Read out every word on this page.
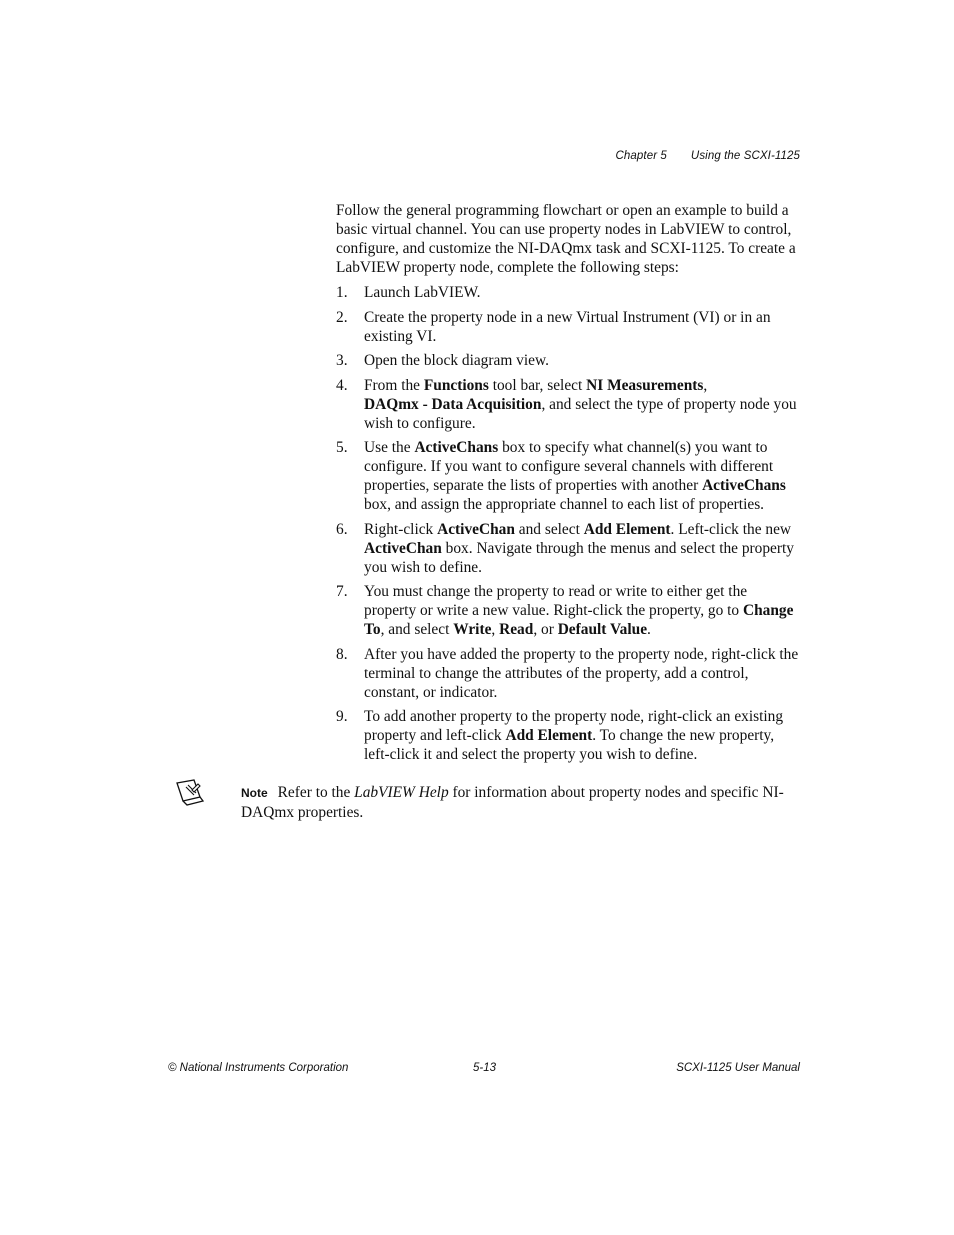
Chapter 5 Using the SCXI-1125

Follow the general programming flowchart or open an example to build a basic virtual channel. You can use property nodes in LabVIEW to control, configure, and customize the NI-DAQmx task and SCXI-1125. To create a LabVIEW property node, complete the following steps:

1. Launch LabVIEW.
2. Create the property node in a new Virtual Instrument (VI) or in an existing VI.
3. Open the block diagram view.
4. From the Functions tool bar, select NI Measurements,
DAQmx - Data Acquisition, and select the type of property node you wish to configure.
5. Use the ActiveChans box to specify what channel(s) you want to configure. If you want to configure several channels with different properties, separate the lists of properties with another ActiveChans box, and assign the appropriate channel to each list of properties.
6. Right-click ActiveChan and select Add Element. Left-click the new ActiveChan box. Navigate through the menus and select the property you wish to define.
7. You must change the property to read or write to either get the property or write a new value. Right-click the property, go to Change To, and select Write, Read, or Default Value.
8. After you have added the property to the property node, right-click the terminal to change the attributes of the property, add a control, constant, or indicator.
9. To add another property to the property node, right-click an existing property and left-click Add Element. To change the new property, left-click it and select the property you wish to define.
Note Refer to the LabVIEW Help for information about property nodes and specific NI-DAQmx properties.
© National Instruments Corporation	5-13	SCXI-1125 User Manual
